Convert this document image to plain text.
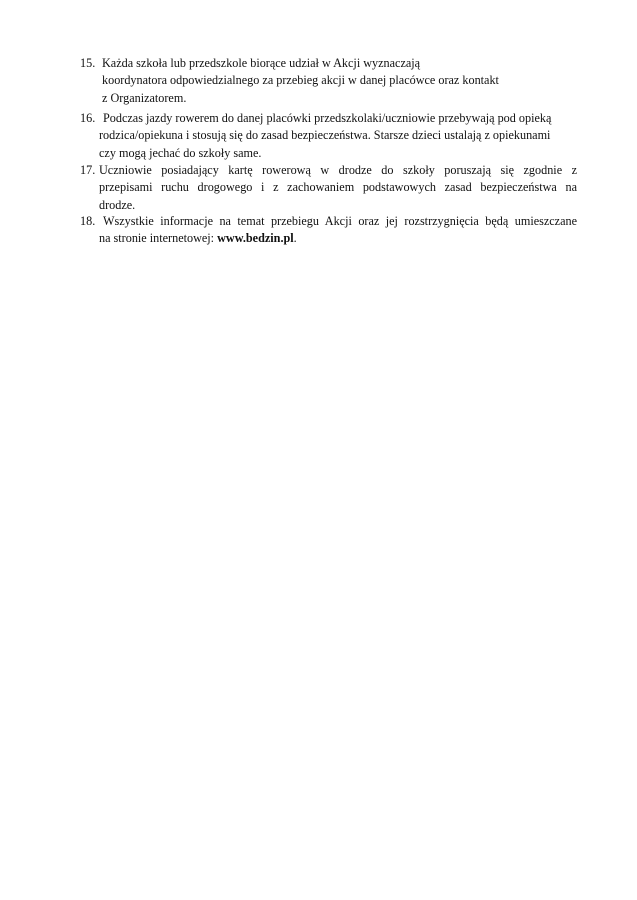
15. Każda szkoła lub przedszkole biorące udział w Akcji wyznaczają
koordynatora odpowiedzialnego za przebieg akcji w danej placówce oraz kontakt
z Organizatorem.
16. Podczas jazdy rowerem do danej placówki przedszkolaki/uczniowie przebywają pod opieką
rodzica/opiekuna i stosują się do zasad bezpieczeństwa. Starsze dzieci ustalają z opiekunami
czy mogą jechać do szkoły same.
17. Uczniowie posiadający kartę rowerową w drodze do szkoły poruszają się zgodnie z
przepisami ruchu drogowego i z zachowaniem podstawowych zasad bezpieczeństwa na
drodze.
18. Wszystkie informacje na temat przebiegu Akcji oraz jej rozstrzygnięcia będą umieszczane
na stronie internetowej: www.bedzin.pl.
